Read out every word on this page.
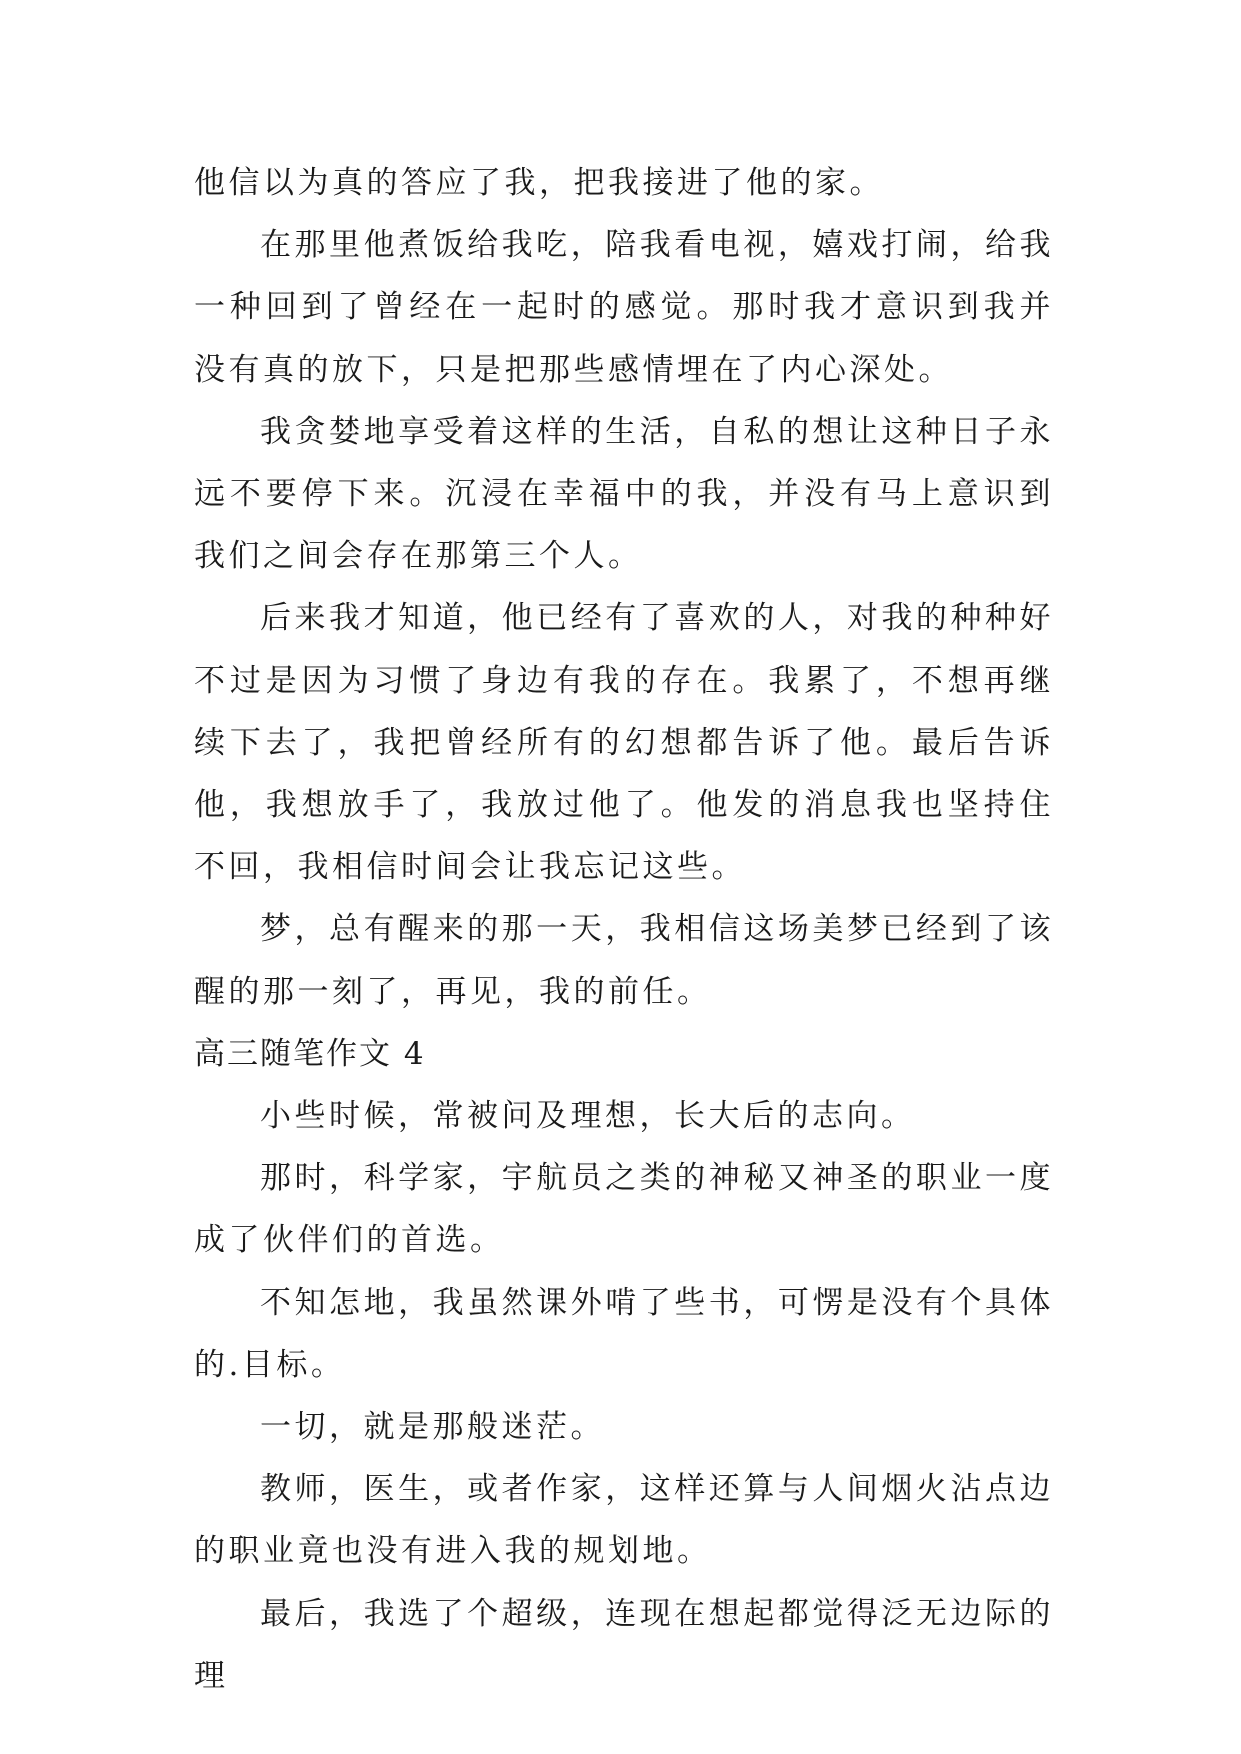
他信以为真的答应了我，把我接进了他的家。

在那里他煮饭给我吃，陪我看电视，嬉戏打闹，给我一种回到了曾经在一起时的感觉。那时我才意识到我并没有真的放下，只是把那些感情埋在了内心深处。

我贪婪地享受着这样的生活，自私的想让这种日子永远不要停下来。沉浸在幸福中的我，并没有马上意识到我们之间会存在那第三个人。

后来我才知道，他已经有了喜欢的人，对我的种种好不过是因为习惯了身边有我的存在。我累了，不想再继续下去了，我把曾经所有的幻想都告诉了他。最后告诉他，我想放手了，我放过他了。他发的消息我也坚持住不回，我相信时间会让我忘记这些。

梦，总有醒来的那一天，我相信这场美梦已经到了该醒的那一刻了，再见，我的前任。

高三随笔作文 4

小些时候，常被问及理想，长大后的志向。

那时，科学家，宇航员之类的神秘又神圣的职业一度成了伙伴们的首选。

不知怎地，我虽然课外啃了些书，可愣是没有个具体的.目标。

一切，就是那般迷茫。

教师，医生，或者作家，这样还算与人间烟火沾点边的职业竟也没有进入我的规划地。

最后，我选了个超级，连现在想起都觉得泛无边际的理
